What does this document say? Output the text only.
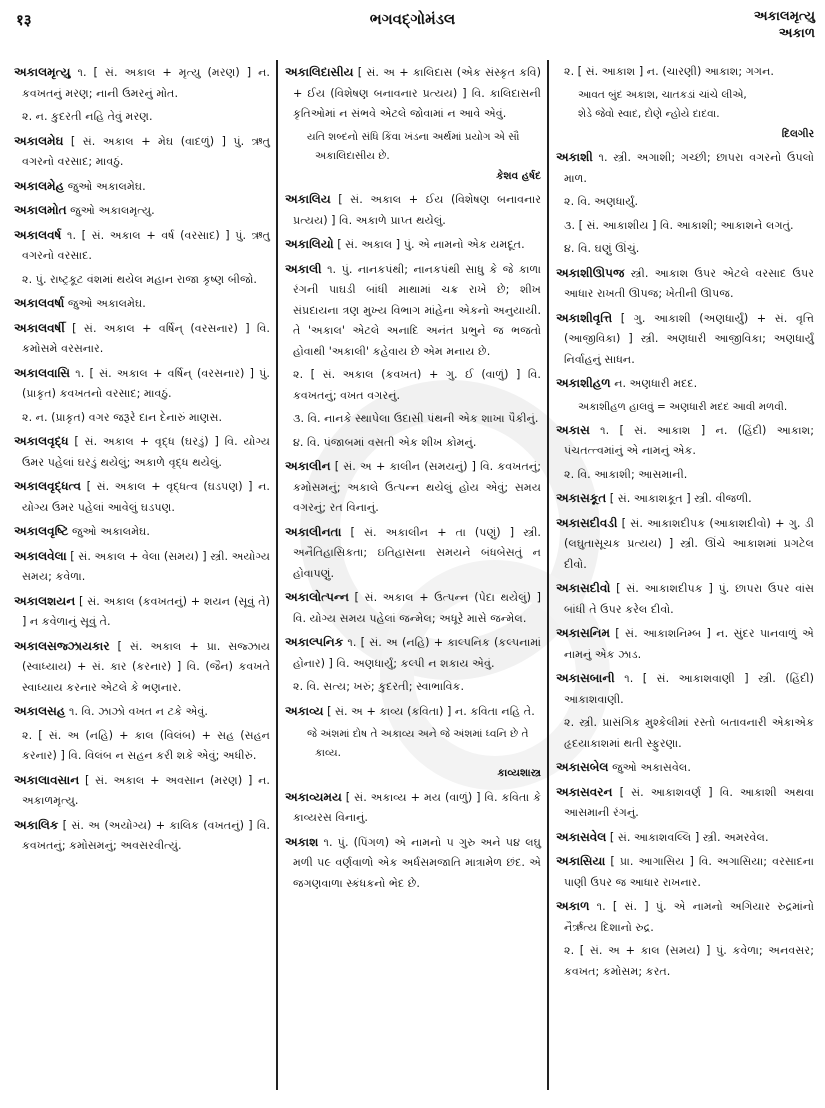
१३	ભગવદ્ગોમંડલ	અકાલમૃત્યુ
અકાળ

અકાલમૃત્યુ ૧. [ સં. અકાલ + મૃત્યુ (મરણ) ] ન. કવખતનું મરણ; નાની ઉમરનું મોત.

૨. ન. કુદરતી નહિ તેવું મરણ.

અકાલમેઘ [ સં. અકાલ + મેઘ (વાદળું) ] પું. ઋતુ વગરનો વરસાદ; માવઠું.

અકાલમેહ જુઓ અકાલમેઘ.

અકાલમોત જુઓ અકાલમૃત્યુ.

અકાલવર્ષ ૧. [ સં. અકાલ + વર્ષ (વરસાદ) ] પું. ઋતુ વગરનો વરસાદ.

૨. પું. રાષ્ટ્રકૂટ વંશમાં થયેલ મહાન રાજા કૃષ્ણ બીજો.

અકાલવર્ષા જુઓ અકાલમેઘ.

અકાલવર્ષી [ સં. અકાલ + વર્ષિન્ (વરસનાર) ] વિ. કમોસમે વરસનાર.

અકાલવાસિ ૧. [ સં. અકાલ + વર્ષિન્ (વરસનાર) ] પું. (પ્રાકૃત) કવખતનો વરસાદ; માવઠું.

૨. ન. (પ્રાકૃત) વગર જરૂરે દાન દેનારું માણસ.

અકાલવૃદ્ધ [ સં. અકાલ + વૃદ્ધ (ઘરડું) ] વિ. યોગ્ય ઉમર પહેલાં ઘરડું થયેલું; અકાળે વૃદ્ધ થયેલું.

અકાલવૃદ્ધત્વ [ સં. અકાલ + વૃદ્ધત્વ (ઘડપણ) ] ન. યોગ્ય ઉમર પહેલાં આવેલું ઘડપણ.

અકાલવૃષ્ટિ જુઓ અકાલમેઘ.

અકાલવેલા [ સં. અકાલ + વેલા (સમય) ] સ્ત્રી. અયોગ્ય સમય; કવેળા.

અકાલશયન [ સં. અકાલ (કવખતનું) + શયન (સૂવું તે) ] ન કવેળાનું સૂવું તે.

અકાલસજ્ઝાયકાર [ સં. અકાલ + પ્રા. સજ્ઝાય (સ્વાધ્યાય) + સં. કાર (કરનાર) ] વિ. (જૈન) કવખતે સ્વાધ્યાય કરનાર એટલે કે ભણનાર.

અકાલસહ ૧. વિ. ઝાઝો વખત ન ટકે એવું.

૨. [ સં. અ (નહિ) + કાલ (વિલંબ) + સહ (સહન કરનાર) ] વિ. વિલંબ ન સહન કરી શકે એવું; અધીરું.

અકાલાવસાન [ સં. અકાલ + અવસાન (મરણ) ] ન. અકાળમૃત્યુ.

અકાલિક [ સં. અ (અયોગ્ય) + કાલિક (વખતનું) ] વિ. કવખતનું; કમોસમનું; અવસરવીત્યું.

અકાલિદાસીય [ સં. અ + કાલિદાસ (એક સંસ્કૃત કવિ) + ઈય (વિશેષણ બનાવનાર પ્રત્યય) ] વિ. કાલિદાસની કૃતિઓમાં ન સંભવે એટલે જોવામાં ન આવે એવું.

યતિ શબ્દનો સંધિ કિંવા ખંડના અર્થમાં પ્રયોગ એ સૌ અકાલિદાસીય છે.

કેશવ હર્ષદ

અકાલિય [ સં. અકાલ + ઈય (વિશેષણ બનાવનાર પ્રત્યય) ] વિ. અકાળે પ્રાપ્ત થયેલું.

અકાલિયો [ સં. અકાલ ] પું. એ નામનો એક યમદૂત.

અકાલી ૧. પું. નાનકપંથી; નાનકપંથી સાધુ કે જે કાળા રંગની પાઘડી બાંધી માથામાં ચક્ર રાખે છે; શીખ સંપ્રદાયના ત્રણ મુખ્ય વિભાગ માંહેના એકનો અનુયાયી. તે 'અકાલ' એટલે અનાદિ અનંત પ્રભુને જ ભજતો હોવાથી 'અકાલી' કહેવાય છે એમ મનાય છે.

૨. [ સં. અકાલ (કવખત) + ગુ. ઈ (વાળું) ] વિ. કવખતનું; વખત વગરનું.

૩. વિ. નાનકે સ્થાપેલા ઉદાસી પંથની એક શાખા પૈકીનું.

૪. વિ. પંજાબમાં વસતી એક શીખ કોમનું.

અકાલીન [ સં. અ + કાલીન (સમયનું) ] વિ. કવખતનું; કમોસમનું; અકાલે ઉત્પન્ન થયેલું હોય એવું; સમય વગરનું; રત વિનાનું.

અકાલીનતા [ સં. અકાલીન + તા (પણું) ] સ્ત્રી. અનૈતિહાસિકતા; ઇતિહાસના સમયને બંધબેસતું ન હોવાપણું.

અકાલોત્પન્ન [ સં. અકાલ + ઉત્પન્ન (પેદા થયેલું) ] વિ. યોગ્ય સમય પહેલાં જન્મેલ; અધૂરે માસે જન્મેલ.

અકાલ્પનિક ૧. [ સં. અ (નહિ) + કાલ્પનિક (કલ્પનામાં હોનાર) ] વિ. અણધાર્યું; કલ્પી ન શકાય એવું.

૨. વિ. સત્ય; ખરું; કુદરતી; સ્વાભાવિક.

અકાવ્ય [ સં. અ + કાવ્ય (કવિતા) ] ન. કવિતા નહિ તે.

જે અંશમાં દોષ તે અકાવ્ય અને જે અંશમાં ધ્વનિ છે તે કાવ્ય.

કાવ્યશાસ્ત્ર

અકાવ્યમય [ સં. અકાવ્ય + મય (વાળું) ] વિ. કવિતા કે કાવ્યરસ વિનાનું.

અકાશ ૧. પું. (પિંગળ) એ નામનો ૫ ગુરુ અને ૫૪ લઘુ મળી ૫૯ વર્ણવાળો એક અર્ધસમજાતિ માત્રામેળ છંદ. એ જગણવાળા સ્કંધકનો ભેદ છે.

૨. [ સં. આકાશ ] ન. (ચારણી) આકાશ; ગગન.

આવત બુંદ અકાશ, ચાતકડાં ચાંચે લીએ,

શેડે જેવો સ્વાદ, દોણે ન્હોયે દાદવા.

દિલગીર

અકાશી ૧. સ્ત્રી. અગાશી; ગચ્છી; છાપરા વગરનો ઉપલો માળ.

૨. વિ. અણધાર્યું.

૩. [ સં. આકાશીય ] વિ. આકાશી; આકાશને લગતું.

૪. વિ. ઘણું ઊંચું.

અકાશીઊપજ સ્ત્રી. આકાશ ઉપર એટલે વરસાદ ઉપર આધાર રાખતી ઊપજ; ખેતીની ઊપજ.

અકાશીવૃત્તિ [ ગુ. આકાશી (અણધાર્યું) + સં. વૃત્તિ (આજીવિકા) ] સ્ત્રી. અણધારી આજીવિકા; અણધાર્યું નિર્વાહનું સાધન.

અકાશીહળ ન. અણધારી મદદ.

અકાશીહળ હાલવું = અણધારી મદદ આવી મળવી.

અકાસ ૧. [ સં. આકાશ ] ન. (હિંદી) આકાશ; પંચતત્ત્વમાંનું એ નામનું એક.

૨. વિ. આકાશી; આસમાની.

અકાસકૂત [ સં. આકાશકૂત ] સ્ત્રી. વીજળી.

અકાસદીવડી [ સં. આકાશદીપક (આકાશદીવો) + ગુ. ડી (લઘુતાસૂચક પ્રત્યય) ] સ્ત્રી. ઊંચે આકાશમાં પ્રગટેલ દીવો.

અકાસદીવો [ સં. આકાશદીપક ] પું. છાપરા ઉપર વાંસ બાંધી તે ઉપર કરેલ દીવો.

અકાસનિમ [ સં. આકાશનિમ્બ ] ન. સુંદર પાનવાળું એ નામનું એક ઝાડ.

અકાસબાની ૧. [ સં. આકાશવાણી ] સ્ત્રી. (હિંદી) આકાશવાણી.

૨. સ્ત્રી. પ્રાસંગિક મુશ્કેલીમાં રસ્તો બતાવનારી એકાએક હૃદયાકાશમાં થતી સ્ફુરણા.

અકાસબેલ જુઓ અકાસવેલ.

અકાસવરન [ સં. આકાશવર્ણ ] વિ. આકાશી અથવા આસમાની રંગનું.

અકાસવેલ [ સં. આકાશવલ્લિ ] સ્ત્રી. અમરવેલ.

અકાસિયા [ પ્રા. આગાસિય ] વિ. અગાસિયા; વરસાદના પાણી ઉપર જ આધાર રાખનાર.

અકાળ ૧. [ સં. ] પું. એ નામનો અગિયાર રુદ્રમાંનો નૈર્ઋત્ય દિશાનો રુદ્ર.

૨. [ સં. અ + કાલ (સમય) ] પું. કવેળા; અનવસર; કવખત; કમોસમ; કરત.
